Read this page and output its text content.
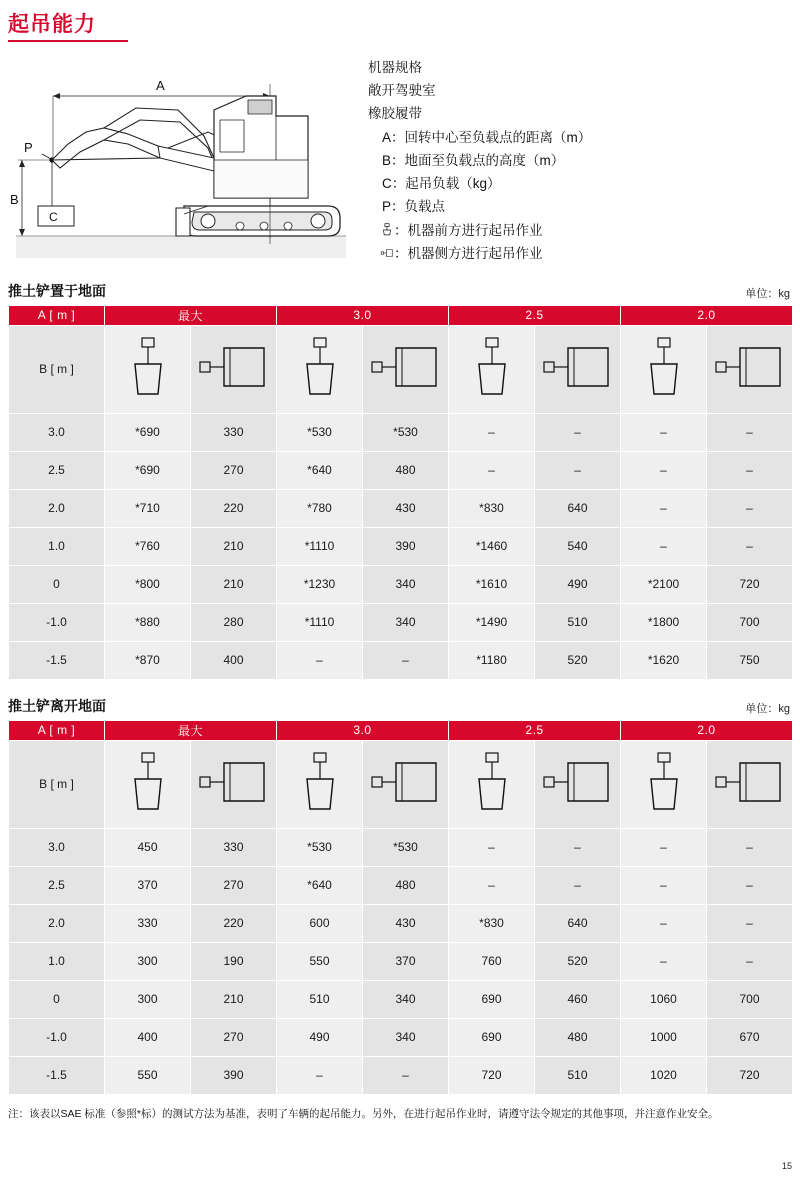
起吊能力
A
B
P
C
机器规格
敞开驾驶室
橡胶履带
A：回转中心至负载点的距离（m）
B：地面至负载点的高度（m）
C：起吊负载（kg）
P：负载点
：机器前方进行起吊作业
：机器侧方进行起吊作业
推土铲置于地面	单位：kg
A [ m ]	最大		3.0		2.5		2.0	
B [ m ]								
3.0	*690	330	*530	*530	–	–	–	–
2.5	*690	270	*640	480	–	–	–	–
2.0	*710	220	*780	430	*830	640	–	–
1.0	*760	210	*1110	390	*1460	540	–	–
0	*800	210	*1230	340	*1610	490	*2100	720
-1.0	*880	280	*1110	340	*1490	510	*1800	700
-1.5	*870	400	–	–	*1180	520	*1620	750
推土铲离开地面	单位：kg
A [ m ]	最大		3.0		2.5		2.0	
B [ m ]								
3.0	450	330	*530	*530	–	–	–	–
2.5	370	270	*640	480	–	–	–	–
2.0	330	220	600	430	*830	640	–	–
1.0	300	190	550	370	760	520	–	–
0	300	210	510	340	690	460	1060	700
-1.0	400	270	490	340	690	480	1000	670
-1.5	550	390	–	–	720	510	1020	720
注：该表以SAE 标准（参照*标）的测试方法为基准，表明了车辆的起吊能力。另外，在进行起吊作业时，请遵守法令规定的其他事项，并注意作业安全。
15
